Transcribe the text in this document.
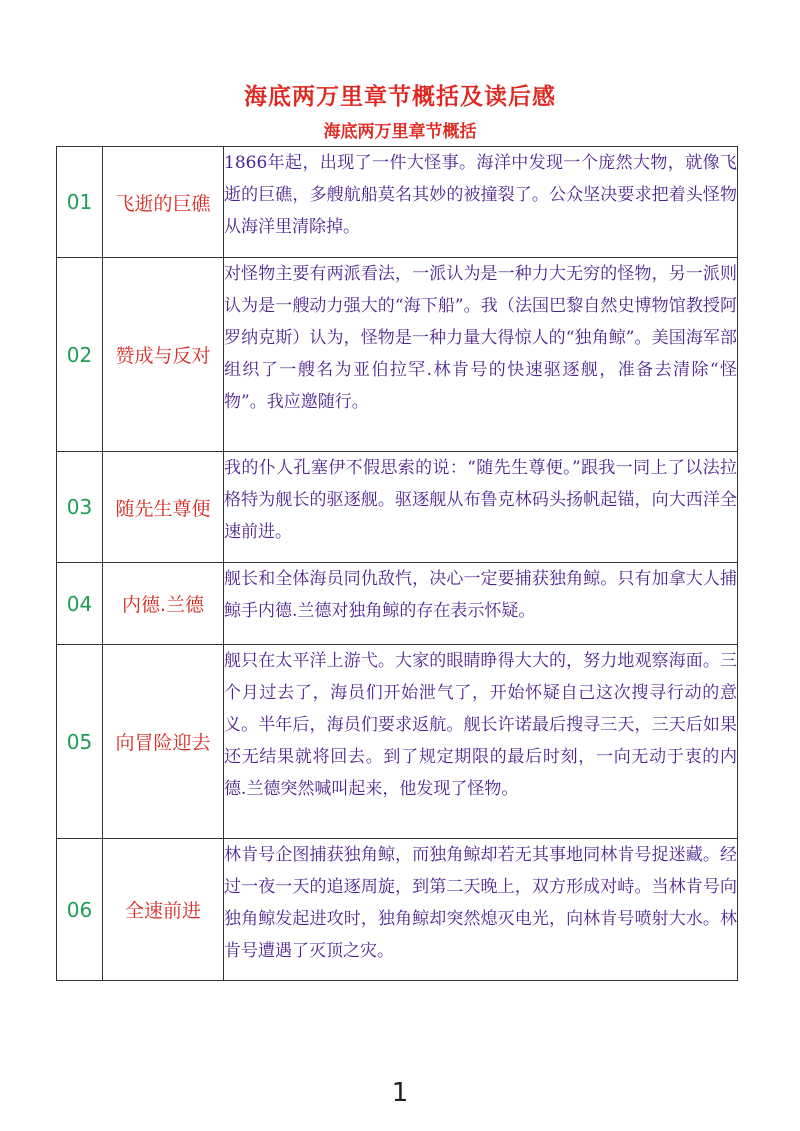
海底两万里章节概括及读后感
海底两万里章节概括
01	飞逝的巨礁	1866年起，出现了一件大怪事。海洋中发现一个庞然大物，就像飞逝的巨礁，多艘航船莫名其妙的被撞裂了。公众坚决要求把着头怪物从海洋里清除掉。
02	赞成与反对	对怪物主要有两派看法，一派认为是一种力大无穷的怪物，另一派则认为是一艘动力强大的“海下船”。我（法国巴黎自然史博物馆教授阿罗纳克斯）认为，怪物是一种力量大得惊人的“独角鲸”。美国海军部组织了一艘名为亚伯拉罕.林肯号的快速驱逐舰，准备去清除“怪物”。我应邀随行。
03	随先生尊便	我的仆人孔塞伊不假思索的说：“随先生尊便。”跟我一同上了以法拉格特为舰长的驱逐舰。驱逐舰从布鲁克林码头扬帆起锚，向大西洋全速前进。
04	内德.兰德	舰长和全体海员同仇敌忾，决心一定要捕获独角鲸。只有加拿大人捕鲸手内德.兰德对独角鲸的存在表示怀疑。
05	向冒险迎去	舰只在太平洋上游弋。大家的眼睛睁得大大的，努力地观察海面。三个月过去了，海员们开始泄气了，开始怀疑自己这次搜寻行动的意义。半年后，海员们要求返航。舰长许诺最后搜寻三天，三天后如果还无结果就将回去。到了规定期限的最后时刻，一向无动于衷的内德.兰德突然喊叫起来，他发现了怪物。
06	全速前进	林肯号企图捕获独角鲸，而独角鲸却若无其事地同林肯号捉迷藏。经过一夜一天的追逐周旋，到第二天晚上，双方形成对峙。当林肯号向独角鲸发起进攻时，独角鲸却突然熄灭电光，向林肯号喷射大水。林肯号遭遇了灭顶之灾。
1
